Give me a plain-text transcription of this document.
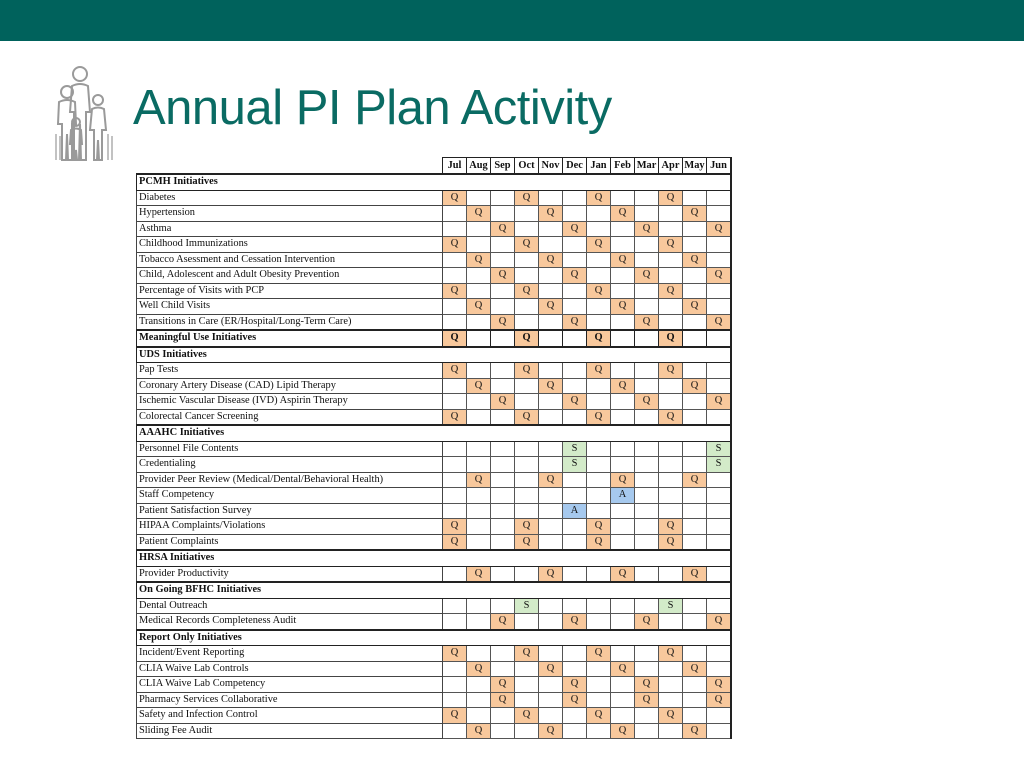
Annual PI Plan Activity
	Jul	Aug	Sep	Oct	Nov	Dec	Jan	Feb	Mar	Apr	May	Jun
PCMH Initiatives												
Diabetes	Q			Q			Q			Q		
Hypertension		Q			Q			Q			Q	
Asthma			Q			Q			Q			Q
Childhood Immunizations	Q			Q			Q			Q		
Tobacco Asessment and Cessation Intervention		Q			Q			Q			Q	
Child, Adolescent and Adult Obesity Prevention			Q			Q			Q			Q
Percentage of Visits with PCP	Q			Q			Q			Q		
Well Child Visits		Q			Q			Q			Q	
Transitions in Care (ER/Hospital/Long-Term Care)			Q			Q			Q			Q
Meaningful Use Initiatives	Q			Q			Q			Q		
UDS Initiatives												
Pap Tests	Q			Q			Q			Q		
Coronary Artery Disease (CAD) Lipid Therapy		Q			Q			Q			Q	
Ischemic Vascular Disease (IVD) Aspirin Therapy			Q			Q			Q			Q
Colorectal Cancer Screening	Q			Q			Q			Q		
AAAHC Initiatives												
Personnel File Contents						S						S
Credentialing						S						S
Provider Peer Review (Medical/Dental/Behavioral Health)		Q			Q			Q			Q	
Staff Competency								A				
Patient Satisfaction Survey						A						
HIPAA Complaints/Violations	Q			Q			Q			Q		
Patient Complaints	Q			Q			Q			Q		
HRSA Initiatives												
Provider Productivity		Q			Q			Q			Q	
On Going BFHC Initiatives												
Dental Outreach				S						S		
Medical Records Completeness Audit			Q			Q			Q			Q
Report Only Initiatives												
Incident/Event Reporting	Q			Q			Q			Q		
CLIA Waive Lab Controls		Q			Q			Q			Q	
CLIA Waive Lab Competency			Q			Q			Q			Q
Pharmacy Services Collaborative			Q			Q			Q			Q
Safety and Infection Control	Q			Q			Q			Q		
Sliding Fee Audit		Q			Q			Q			Q	
